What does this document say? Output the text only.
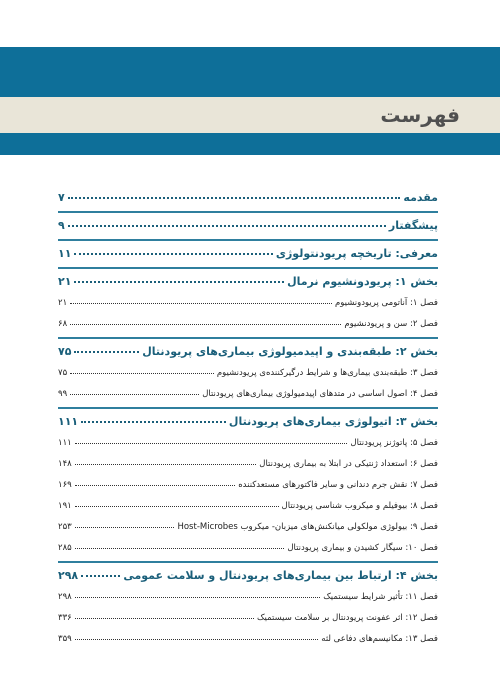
فهرست
مقدمه
۷
پیشگفتار
۹
معرفی: تاریخچه پریودنتولوژی
۱۱
بخش ۱: پریودونشیوم نرمال
۲۱
فصل ۱: آناتومی پریودونشیوم
۲۱
فصل ۲: سن و پریودنشیوم
۶۸
بخش ۲: طبقه‌بندی و اپیدمیولوژی بیماری‌های پریودنتال
۷۵
فصل ۳: طبقه‌بندی بیماری‌ها و شرایط درگیرکننده‌ی پریودنشیوم
۷۵
فصل ۴: اصول اساسی در متدهای اپیدمیولوژی بیماری‌های پریودنتال
۹۹
بخش ۳: اتیولوژی بیماری‌های پریودنتال
۱۱۱
فصل ۵: پاتوژنز پریودنتال
۱۱۱
فصل ۶: استعداد ژنتیکی در ابتلا به بیماری پریودنتال
۱۴۸
فصل ۷: نقش جرم دندانی و سایر فاکتورهای مستعدکننده
۱۶۹
فصل ۸: بیوفیلم و میکروب شناسی پریودنتال
۱۹۱
فصل ۹: بیولوژی مولکولی میانکنش‌های میزبان- میکروب Host-Microbes
۲۵۳
فصل ۱۰: سیگار کشیدن و بیماری پریودنتال
۲۸۵
بخش ۴: ارتباط بین بیماری‌های پریودنتال و سلامت عمومی
۲۹۸
فصل ۱۱: تأثیر شرایط سیستمیک
۲۹۸
فصل ۱۲: اثر عفونت پریودنتال بر سلامت سیستمیک
۳۳۶
فصل ۱۳: مکانیسم‌های دفاعی لثه
۳۵۹
